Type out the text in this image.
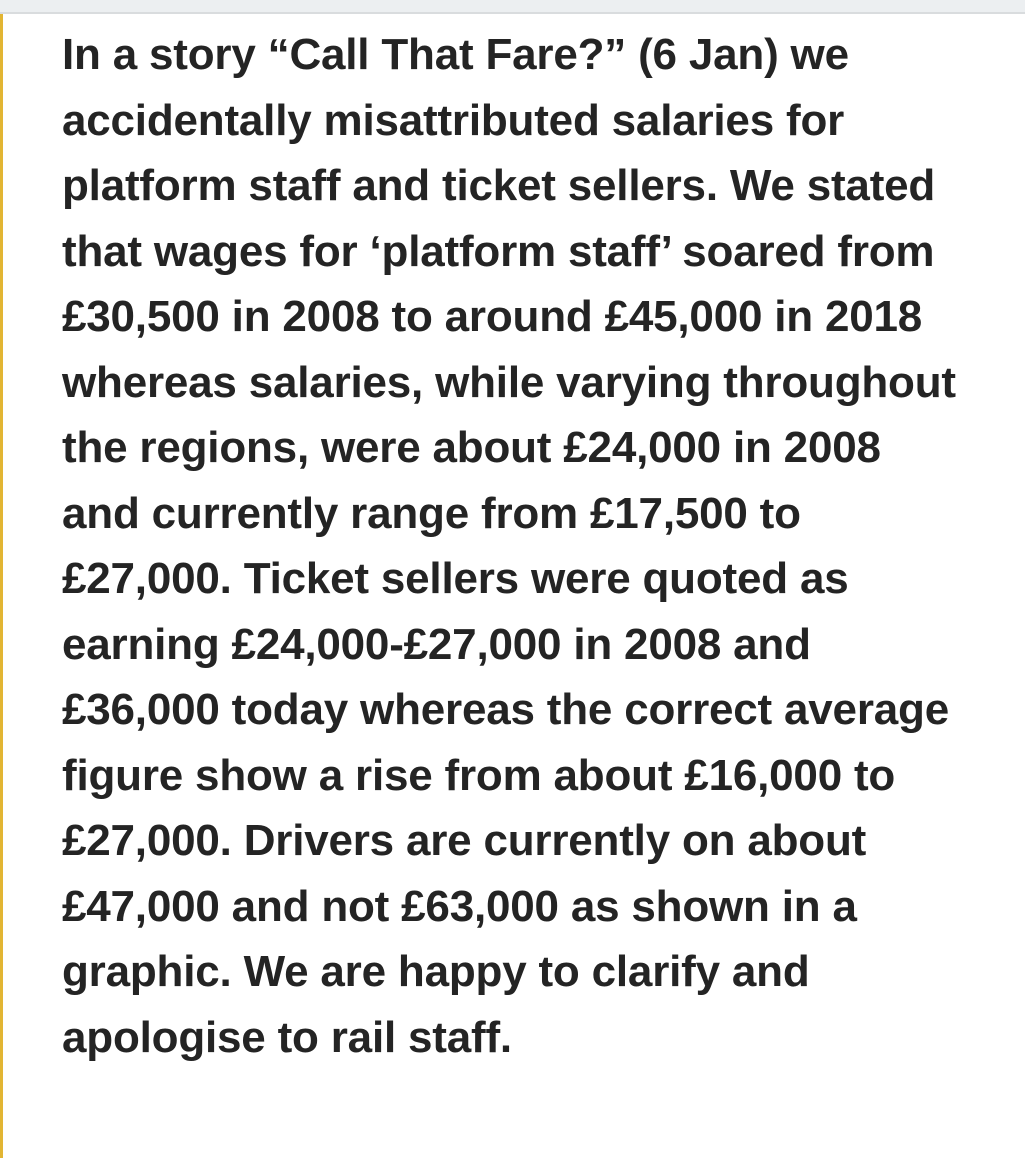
In a story “Call That Fare?” (6 Jan) we
accidentally misattributed salaries for
platform staff and ticket sellers. We stated
that wages for ‘platform staff’ soared from
£30,500 in 2008 to around £45,000 in 2018
whereas salaries, while varying throughout
the regions, were about £24,000 in 2008
and currently range from £17,500 to
£27,000. Ticket sellers were quoted as
earning £24,000-£27,000 in 2008 and
£36,000 today whereas the correct average
figure show a rise from about £16,000 to
£27,000. Drivers are currently on about
£47,000 and not £63,000 as shown in a
graphic. We are happy to clarify and
apologise to rail staff.
